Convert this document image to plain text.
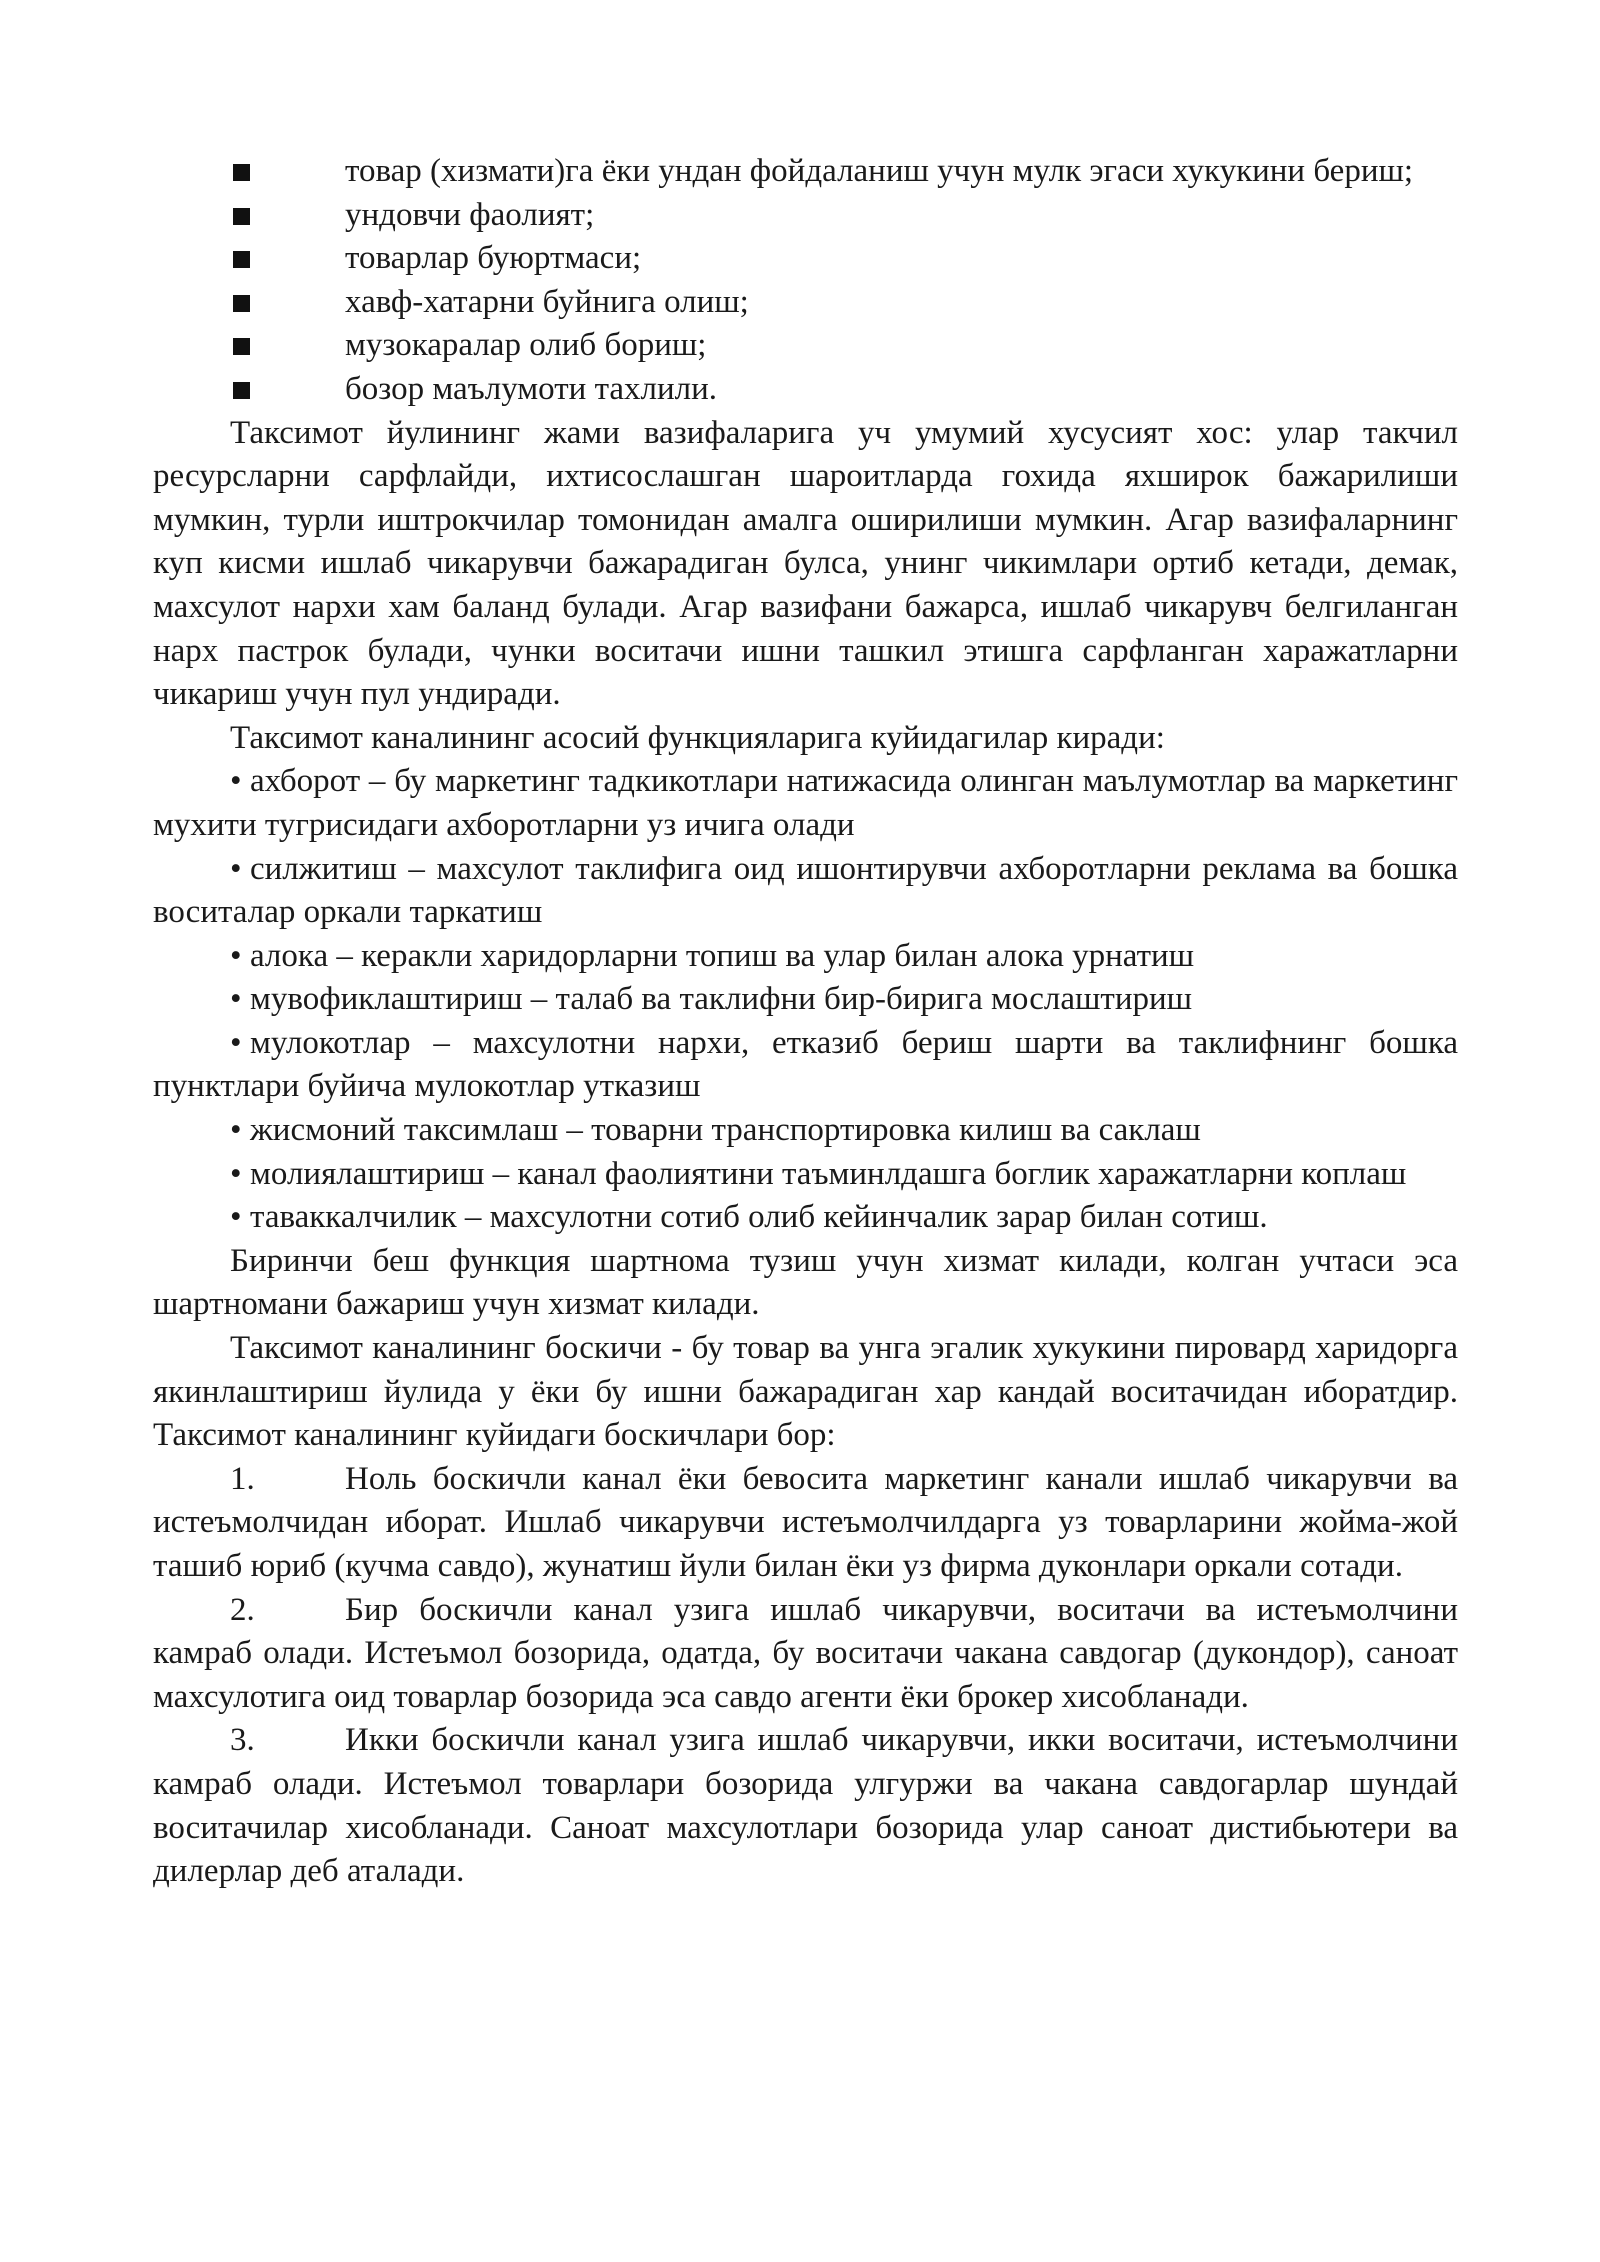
товар (хизмати)га ёки ундан фойдаланиш учун мулк эгаси хукукини бериш;
ундовчи фаолият;
товарлар буюртмаси;
хавф-хатарни буйнига олиш;
музокаралар олиб бориш;
бозор маълумоти тахлили.
Таксимот йулининг жами вазифаларига уч умумий хусусият хос: улар такчил ресурсларни сарфлайди, ихтисослашган шароитларда гохида яхширок бажарилиши мумкин, турли иштрокчилар томонидан амалга оширилиши мумкин. Агар вазифаларнинг куп кисми ишлаб чикарувчи бажарадиган булса, унинг чикимлари ортиб кетади, демак, махсулот нархи хам баланд булади. Агар вазифани бажарса, ишлаб чикарувч белгиланган нарх пастрок булади, чунки воситачи ишни ташкил этишга сарфланган харажатларни чикариш учун пул ундиради.
Таксимот каналининг асосий функцияларига куйидагилар киради:
• ахборот – бу маркетинг тадкикотлари натижасида олинган маълумотлар ва маркетинг мухити тугрисидаги ахборотларни уз ичига олади
• силжитиш – махсулот таклифига оид ишонтирувчи ахборотларни реклама ва бошка воситалар оркали таркатиш
• алока – керакли харидорларни топиш ва улар билан алока урнатиш
• мувофиклаштириш – талаб ва таклифни бир-бирига мослаштириш
• мулокотлар – махсулотни нархи, етказиб бериш шарти ва таклифнинг бошка пунктлари буйича мулокотлар утказиш
• жисмоний таксимлаш – товарни транспортировка килиш ва саклаш
• молиялаштириш – канал фаолиятини таъминлдашга боглик харажатларни коплаш
• таваккалчилик – махсулотни сотиб олиб кейинчалик зарар билан сотиш.
Биринчи беш функция шартнома тузиш учун хизмат килади, колган учтаси эса шартномани бажариш учун хизмат килади.
Таксимот каналининг боскичи - бу товар ва унга эгалик хукукини пировард харидорга якинлаштириш йулида у ёки бу ишни бажарадиган хар кандай воситачидан иборатдир. Таксимот каналининг куйидаги боскичлари бор:
1.	Ноль боскичли канал ёки бевосита маркетинг канали ишлаб чикарувчи ва истеъмолчидан иборат. Ишлаб чикарувчи истеъмолчилдарга уз товарларини жойма-жой ташиб юриб (кучма савдо), жунатиш йули билан ёки уз фирма дуконлари оркали сотади.
2.	Бир боскичли канал узига ишлаб чикарувчи, воситачи ва истеъмолчини камраб олади. Истеъмол бозорида, одатда, бу воситачи чакана савдогар (дукондор), саноат махсулотига оид товарлар бозорида эса савдо агенти ёки брокер хисобланади.
3.	Икки боскичли канал узига ишлаб чикарувчи, икки воситачи, истеъмолчини камраб олади. Истеъмол товарлари бозорида улгуржи ва чакана савдогарлар шундай воситачилар хисобланади. Саноат махсулотлари бозорида улар саноат дистибьютери ва дилерлар деб аталади.
